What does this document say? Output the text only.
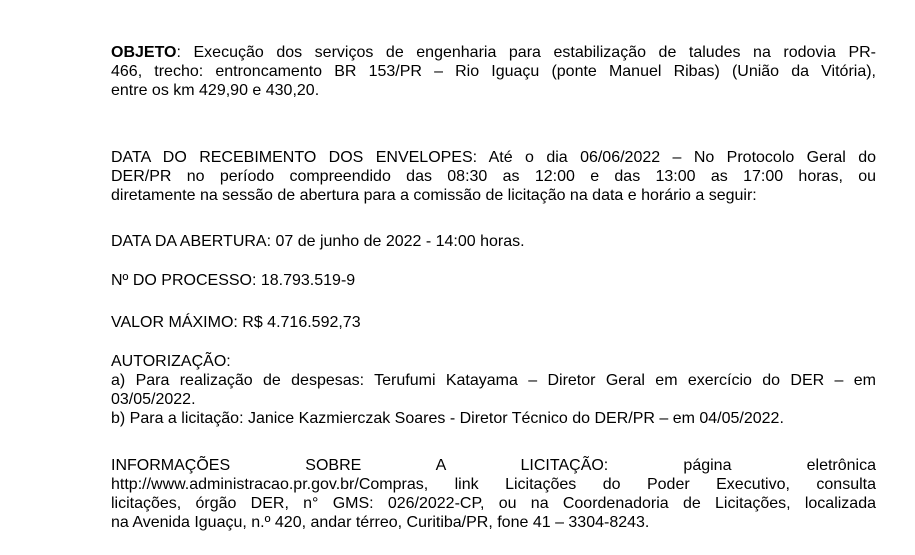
OBJETO: Execução dos serviços de engenharia para estabilização de taludes na rodovia PR-
466, trecho: entroncamento BR 153/PR – Rio Iguaçu (ponte Manuel Ribas) (União da Vitória),
entre os km 429,90 e 430,20.
DATA DO RECEBIMENTO DOS ENVELOPES: Até o dia 06/06/2022 – No Protocolo Geral do
DER/PR no período compreendido das 08:30 as 12:00 e das 13:00 as 17:00 horas, ou
diretamente na sessão de abertura para a comissão de licitação na data e horário a seguir:
DATA DA ABERTURA: 07 de junho de 2022 - 14:00 horas.
Nº DO PROCESSO: 18.793.519-9
VALOR MÁXIMO: R$ 4.716.592,73
AUTORIZAÇÃO:
a) Para realização de despesas: Terufumi Katayama – Diretor Geral em exercício do DER – em
03/05/2022.
b) Para a licitação: Janice Kazmierczak Soares - Diretor Técnico do DER/PR – em 04/05/2022.
INFORMAÇÕES SOBRE A LICITAÇÃO: página eletrônica
http://www.administracao.pr.gov.br/Compras, link Licitações do Poder Executivo, consulta
licitações, órgão DER, n° GMS: 026/2022-CP, ou na Coordenadoria de Licitações, localizada
na Avenida Iguaçu, n.º 420, andar térreo, Curitiba/PR, fone 41 – 3304-8243.
